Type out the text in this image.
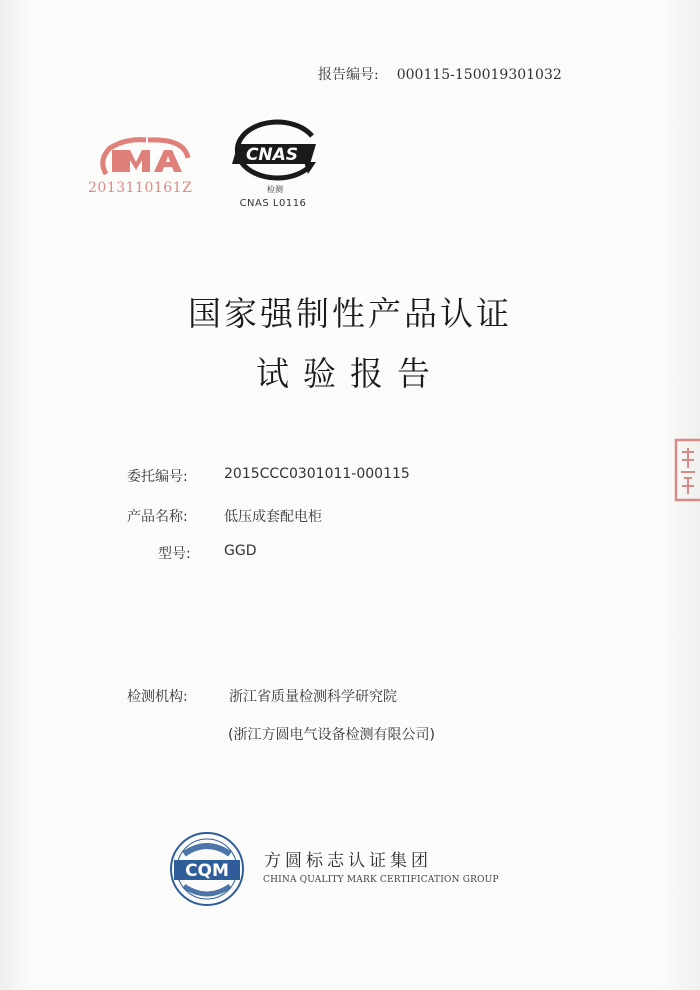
报告编号: 000115-150019301032
2013110161Z
CNAS
检测
CNAS L0116
国家强制性产品认证
试验报告
委托编号:	2015CCC0301011-000115
产品名称:	低压成套配电柜
型号: GGD
检测机构:	浙江省质量检测科学研究院
(浙江方圆电气设备检测有限公司)
CQM 方圆标志认证集团
CHINA QUALITY MARK CERTIFICATION GROUP
